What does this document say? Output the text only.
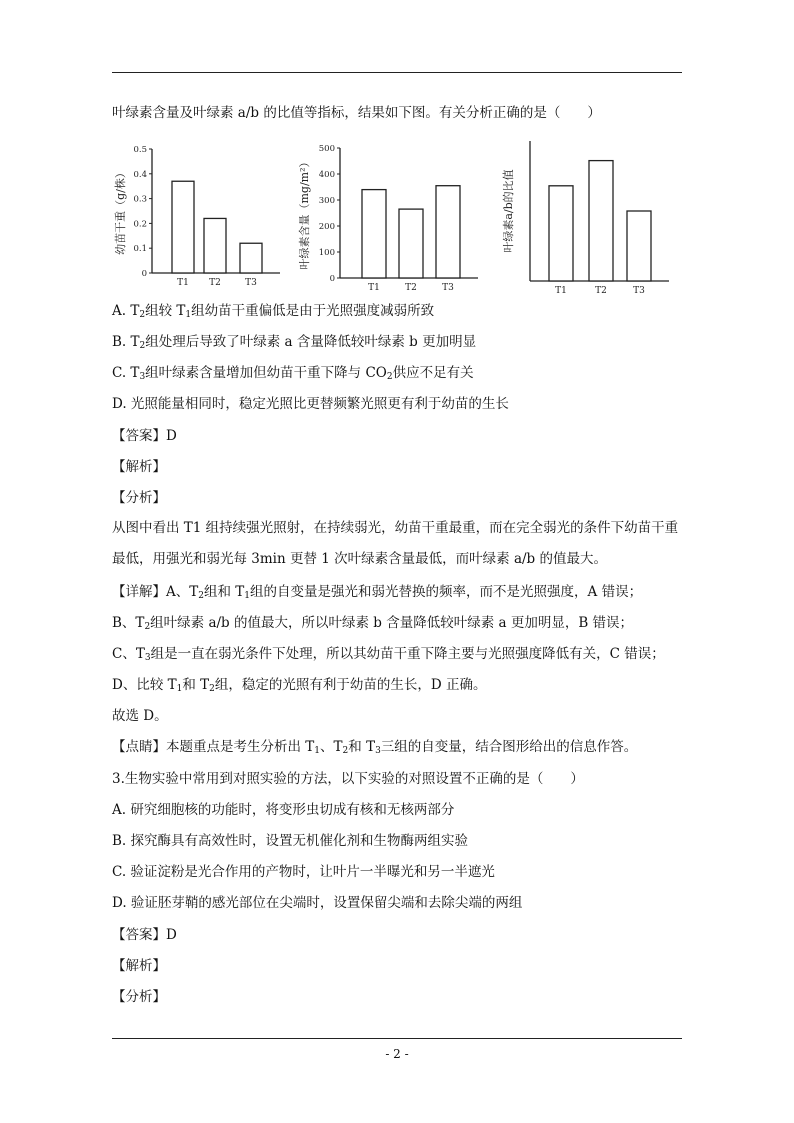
叶绿素含量及叶绿素 a/b 的比值等指标，结果如下图。有关分析正确的是（　　）
0
0.1
0.2
0.3
0.4
0.5
T1 T2	T3
幼苗干重（g/株）
0
100
200
300
400
500
T1	T2	T3
叶绿素含量（mg/m²）
T1	T2	T3
叶绿素a/b的比值
A. $T_2$组较 $T_1$组幼苗干重偏低是由于光照强度减弱所致
B. $T_2$组处理后导致了叶绿素 a 含量降低较叶绿素 b 更加明显
C. $T_3$组叶绿素含量增加但幼苗干重下降与 $CO_2$供应不足有关
D. 光照能量相同时，稳定光照比更替频繁光照更有利于幼苗的生长
【答案】D
【解析】
【分析】
从图中看出 T1 组持续强光照射，在持续弱光，幼苗干重最重，而在完全弱光的条件下幼苗干重最低，用强光和弱光每 3min 更替 1 次叶绿素含量最低，而叶绿素 a/b 的值最大。
【详解】A、$T_2$组和 $T_1$组的自变量是强光和弱光替换的频率，而不是光照强度，A 错误；
B、$T_2$组叶绿素 a/b 的值最大，所以叶绿素 b 含量降低较叶绿素 a 更加明显，B 错误；
C、$T_3$组是一直在弱光条件下处理，所以其幼苗干重下降主要与光照强度降低有关，C 错误；
D、比较 $T_1$和 $T_2$组，稳定的光照有利于幼苗的生长，D 正确。
故选 D。
【点睛】本题重点是考生分析出 $T_1$、$T_2$和 $T_3$三组的自变量，结合图形给出的信息作答。
3.生物实验中常用到对照实验的方法，以下实验的对照设置不正确的是（　　）
A. 研究细胞核的功能时，将变形虫切成有核和无核两部分
B. 探究酶具有高效性时，设置无机催化剂和生物酶两组实验
C. 验证淀粉是光合作用的产物时，让叶片一半曝光和另一半遮光
D. 验证胚芽鞘的感光部位在尖端时，设置保留尖端和去除尖端的两组
【答案】D
【解析】
【分析】
- 2 -
